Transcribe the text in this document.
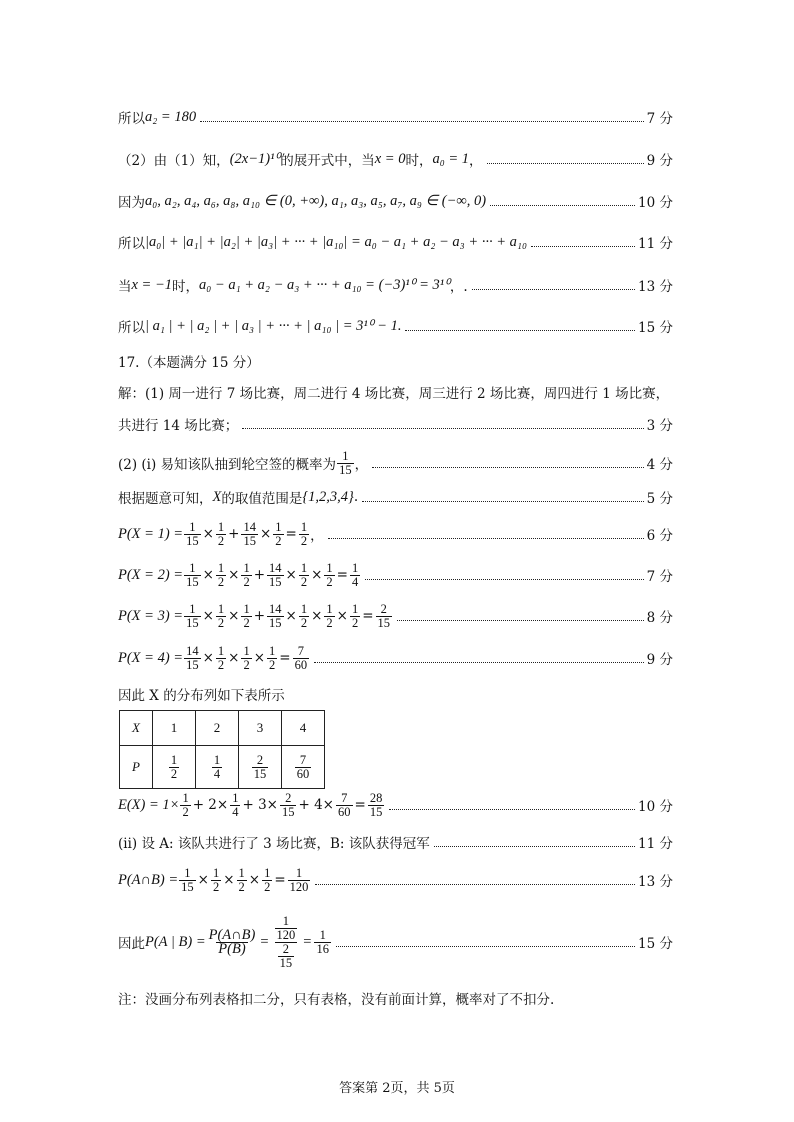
所以 a₂ = 180	7 分
（2）由（1）知， (2x−1)¹⁰ 的展开式中，当 x = 0 时， a₀ = 1 ，	9 分
因为 a₀, a₂, a₄, a₆, a₈, a₁₀ ∈ (0, +∞), a₁, a₃, a₅, a₇, a₉ ∈ (−∞, 0)	10 分
所以 |a₀| + |a₁| + |a₂| + |a₃| + ··· + |a₁₀| = a₀ − a₁ + a₂ − a₃ + ··· + a₁₀	11 分
当 x = −1 时， a₀ − a₁ + a₂ − a₃ + ··· + a₁₀ = (−3)¹⁰ = 3¹⁰ ，.	13 分
所以 | a₁ | + | a₂ | + | a₃ | + ··· + | a₁₀ | = 3¹⁰ − 1.	15 分
17.（本题满分 15 分）
解：(1) 周一进行 7 场比赛，周二进行 4 场比赛，周三进行 2 场比赛，周四进行 1 场比赛，
共进行 14 场比赛；	3 分
(2) (ⅰ) 易知该队抽到轮空签的概率为 $\frac{1}{15}$ ，	4 分
根据题意可知， X 的取值范围是 {1,2,3,4} .	5 分
$P(X = 1) = \frac{1}{15} \times \frac{1}{2} + \frac{14}{15} \times \frac{1}{2} = \frac{1}{2}$ ，	6 分
$P(X = 2) = \frac{1}{15} \times \frac{1}{2} \times \frac{1}{2} + \frac{14}{15} \times \frac{1}{2} \times \frac{1}{2} = \frac{1}{4}$	7 分
$P(X = 3) = \frac{1}{15} \times \frac{1}{2} \times \frac{1}{2} + \frac{14}{15} \times \frac{1}{2} \times \frac{1}{2} \times \frac{1}{2} = \frac{2}{15}$	8 分
$P(X = 4) = \frac{14}{15} \times \frac{1}{2} \times \frac{1}{2} \times \frac{1}{2} = \frac{7}{60}$	9 分
因此 X 的分布列如下表所示
X	1	2	3	4
P	$\frac{1}{2}$	$\frac{1}{4}$	$\frac{2}{15}$	$\frac{7}{60}$
$E(X) = 1\times \frac{1}{2} + 2\times \frac{1}{4} + 3\times \frac{2}{15} + 4\times \frac{7}{60} = \frac{28}{15}$	10 分
(ⅱ) 设 A: 该队共进行了 3 场比赛，B: 该队获得冠军	11 分
P(A∩B) = $\frac{1}{15} \times \frac{1}{2} \times \frac{1}{2} \times \frac{1}{2} = \frac{1}{120}$	13 分
因此 P(A | $B) = \frac{P(A\cap B)}{P(B)} = \frac{\frac{1}{120}}{\frac{2}{15}} = \frac{1}{16}$	15 分
注：没画分布列表格扣二分，只有表格，没有前面计算，概率对了不扣分.
答案第 2页，共 5页
